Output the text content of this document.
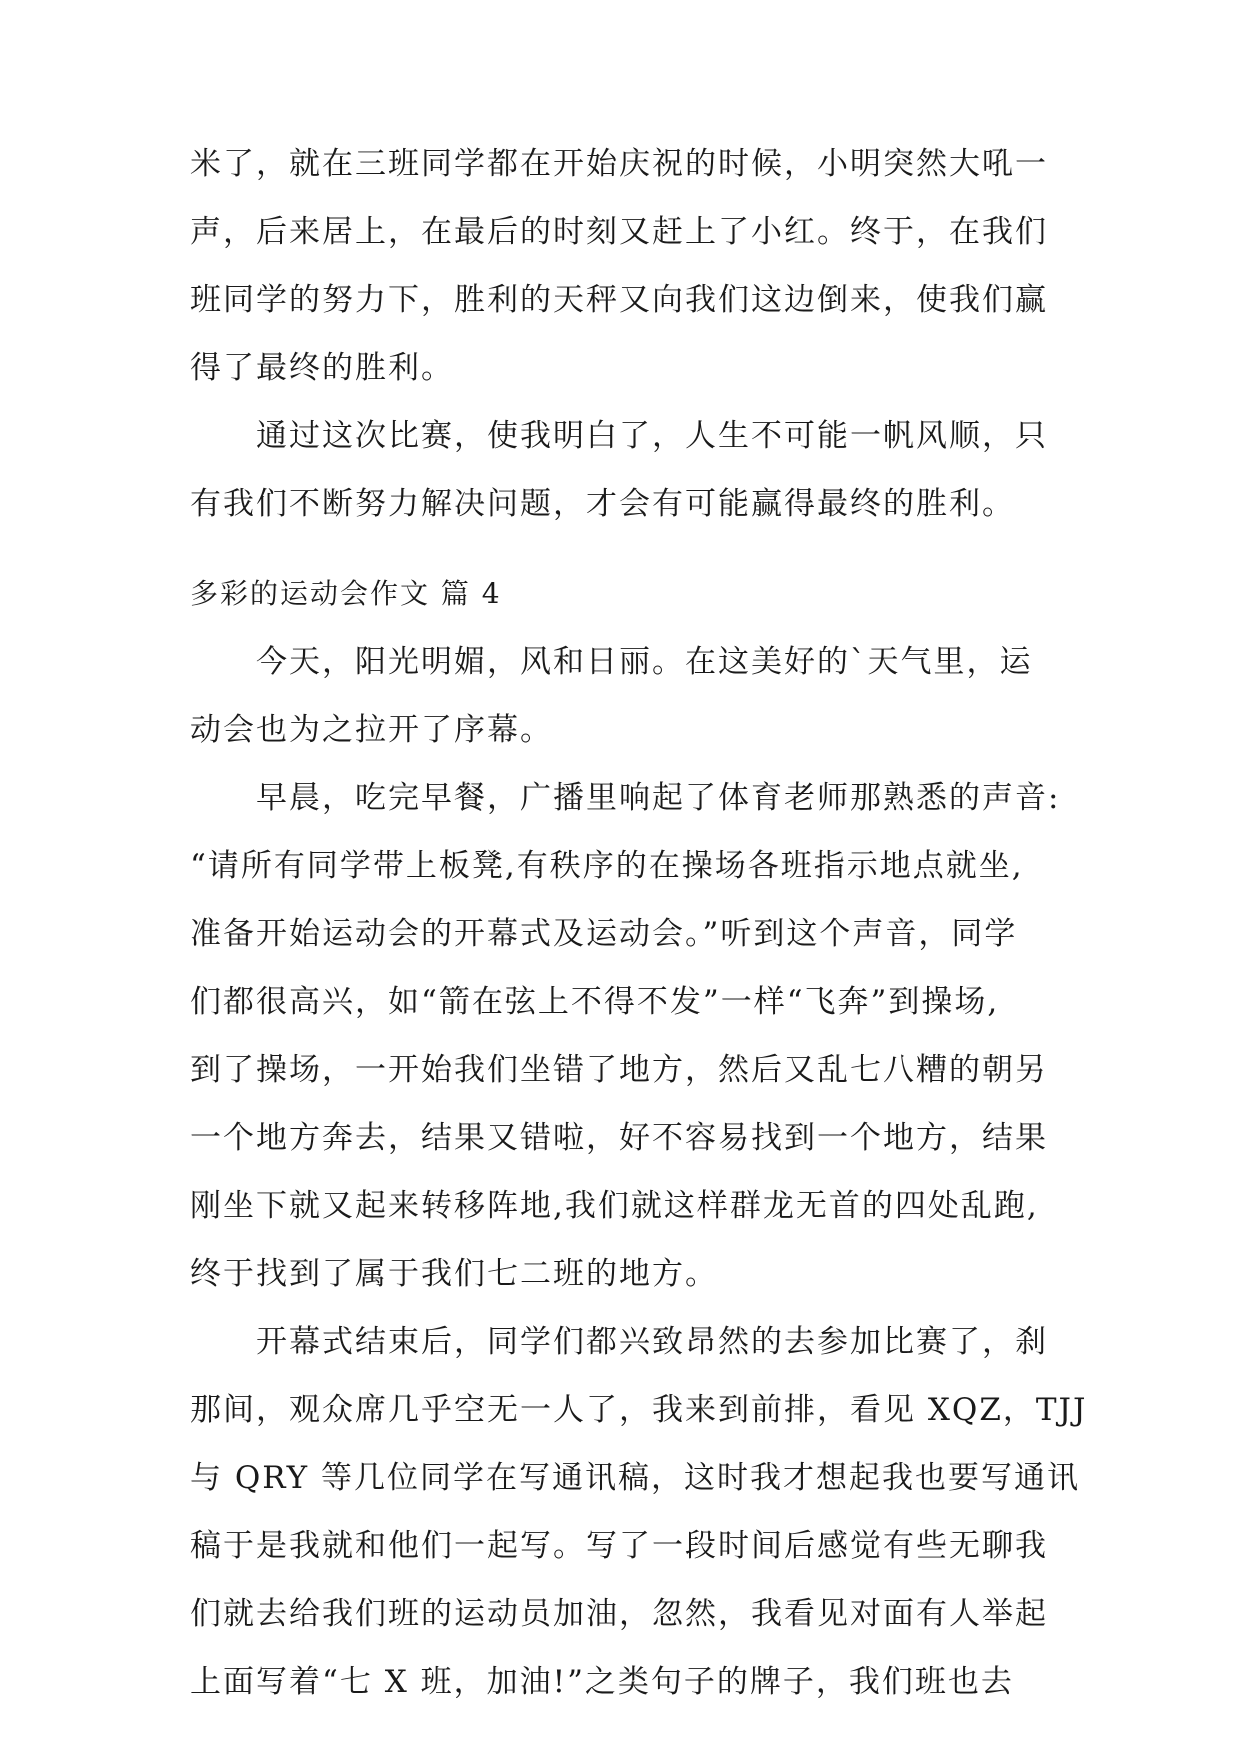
米了，就在三班同学都在开始庆祝的时候，小明突然大吼一
声，后来居上，在最后的时刻又赶上了小红。终于，在我们
班同学的努力下，胜利的天秤又向我们这边倒来，使我们赢
得了最终的胜利。
　　通过这次比赛，使我明白了，人生不可能一帆风顺，只
有我们不断努力解决问题，才会有可能赢得最终的胜利。
多彩的运动会作文 篇 4
　　今天，阳光明媚，风和日丽。在这美好的`天气里，运
动会也为之拉开了序幕。
　　早晨，吃完早餐，广播里响起了体育老师那熟悉的声音:
“请所有同学带上板凳,有秩序的在操场各班指示地点就坐,
准备开始运动会的开幕式及运动会。”听到这个声音，同学
们都很高兴，如“箭在弦上不得不发”一样“飞奔”到操场,
到了操场，一开始我们坐错了地方，然后又乱七八糟的朝另
一个地方奔去，结果又错啦，好不容易找到一个地方，结果
刚坐下就又起来转移阵地,我们就这样群龙无首的四处乱跑,
终于找到了属于我们七二班的地方。
　　开幕式结束后，同学们都兴致昂然的去参加比赛了，刹
那间，观众席几乎空无一人了，我来到前排，看见 XQZ，TJJ
与 QRY 等几位同学在写通讯稿，这时我才想起我也要写通讯
稿于是我就和他们一起写。写了一段时间后感觉有些无聊我
们就去给我们班的运动员加油，忽然，我看见对面有人举起
上面写着“七 X 班，加油!”之类句子的牌子，我们班也去
